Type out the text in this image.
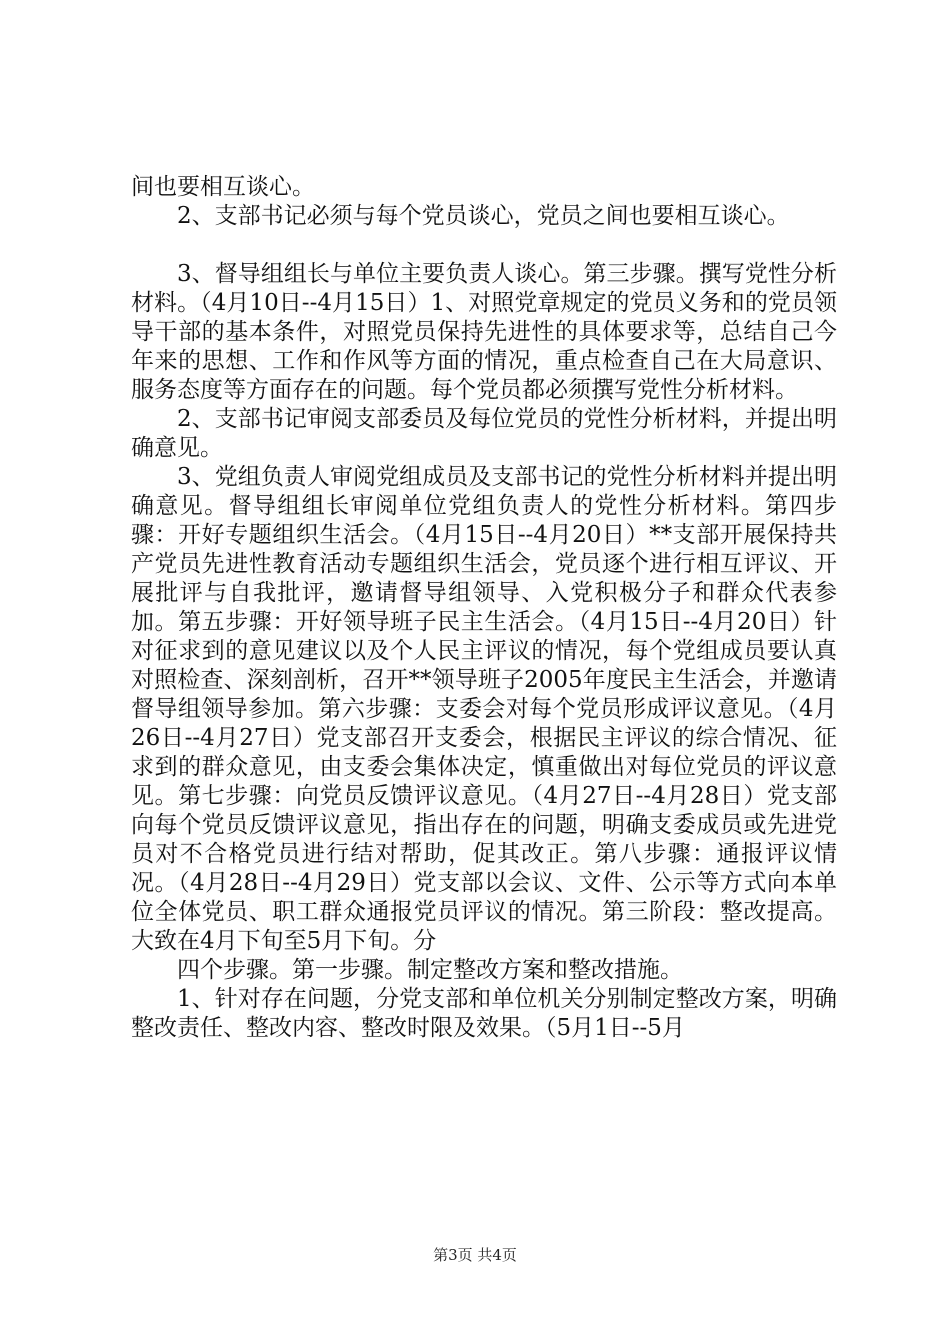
间也要相互谈心。

2、支部书记必须与每个党员谈心，党员之间也要相互谈心。

3、督导组组长与单位主要负责人谈心。第三步骤。撰写党性分析材料。（4月10日--4月15日）1、对照党章规定的党员义务和的党员领导干部的基本条件，对照党员保持先进性的具体要求等，总结自己今年来的思想、工作和作风等方面的情况，重点检查自己在大局意识、服务态度等方面存在的问题。每个党员都必须撰写党性分析材料。

2、支部书记审阅支部委员及每位党员的党性分析材料，并提出明确意见。

3、党组负责人审阅党组成员及支部书记的党性分析材料并提出明确意见。督导组组长审阅单位党组负责人的党性分析材料。第四步骤：开好专题组织生活会。（4月15日--4月20日）**支部开展保持共产党员先进性教育活动专题组织生活会，党员逐个进行相互评议、开展批评与自我批评，邀请督导组领导、入党积极分子和群众代表参加。第五步骤：开好领导班子民主生活会。（4月15日--4月20日）针对征求到的意见建议以及个人民主评议的情况，每个党组成员要认真对照检查、深刻剖析，召开**领导班子2005年度民主生活会，并邀请督导组领导参加。第六步骤：支委会对每个党员形成评议意见。（4月26日--4月27日）党支部召开支委会，根据民主评议的综合情况、征求到的群众意见，由支委会集体决定，慎重做出对每位党员的评议意见。第七步骤：向党员反馈评议意见。（4月27日--4月28日）党支部向每个党员反馈评议意见，指出存在的问题，明确支委成员或先进党员对不合格党员进行结对帮助，促其改正。第八步骤：通报评议情况。（4月28日--4月29日）党支部以会议、文件、公示等方式向本单位全体党员、职工群众通报党员评议的情况。第三阶段：整改提高。大致在4月下旬至5月下旬。分

四个步骤。第一步骤。制定整改方案和整改措施。

1、针对存在问题，分党支部和单位机关分别制定整改方案，明确整改责任、整改内容、整改时限及效果。（5月1日--5月

第3页 共4页
